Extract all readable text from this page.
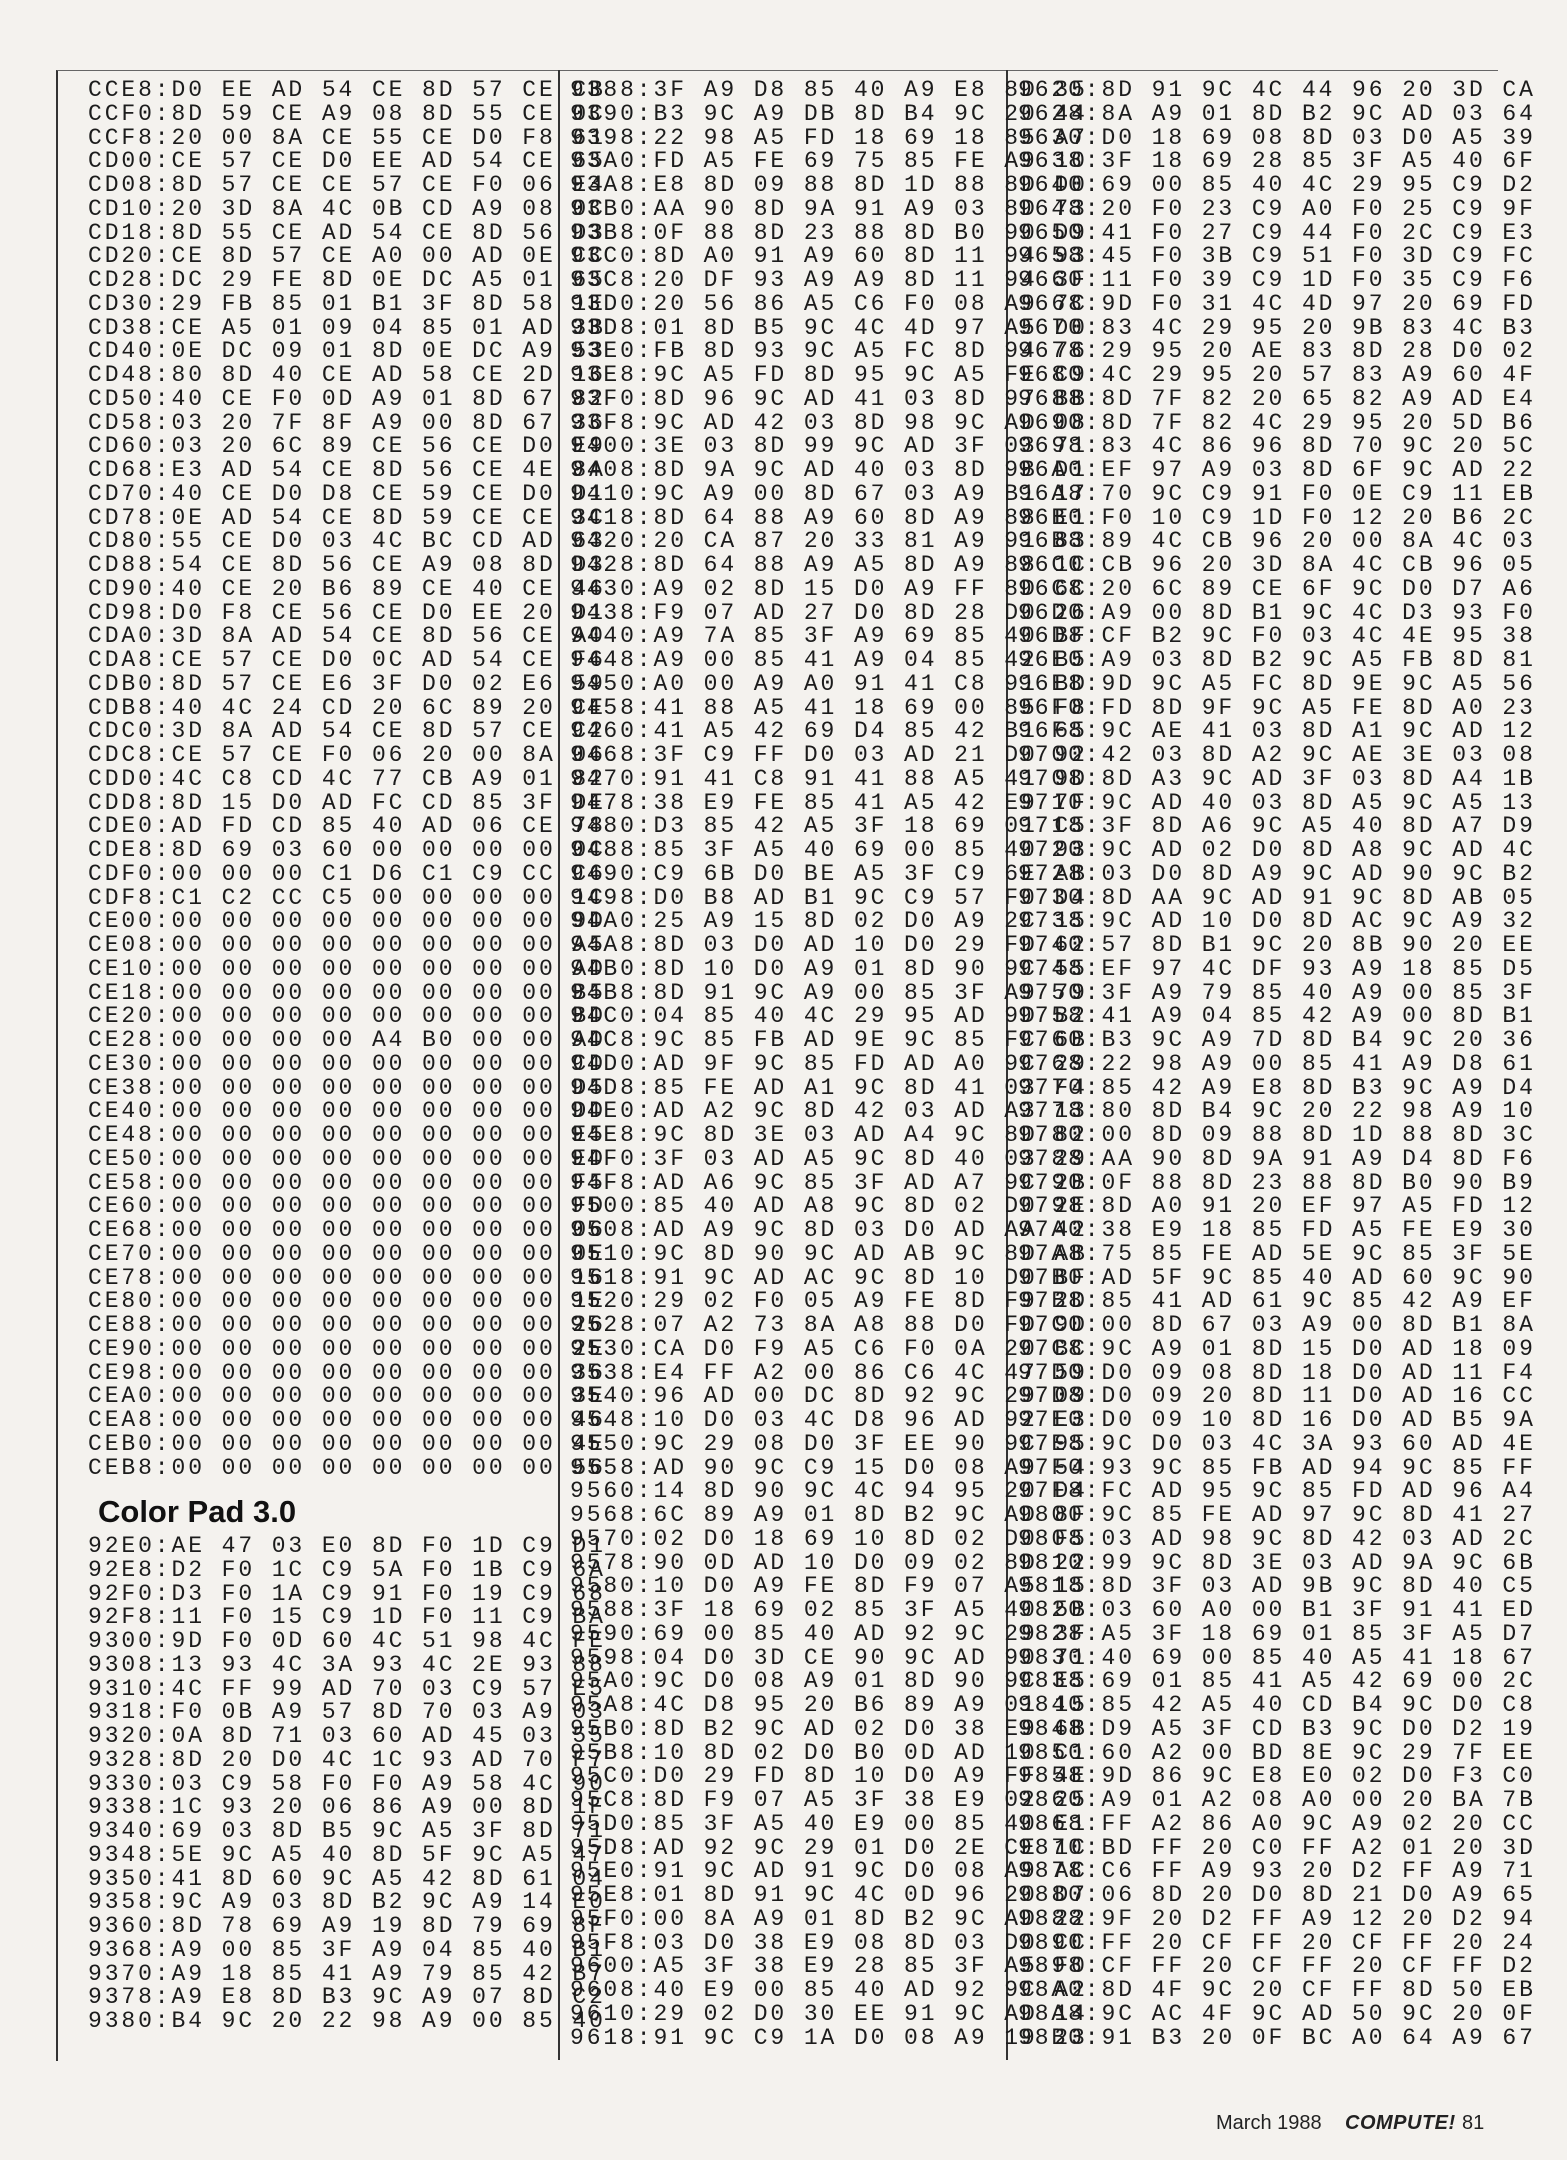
CCE8:D0 EE AD 54 CE 8D 57 CE CB
CCF0:8D 59 CE A9 08 8D 55 CE 0C
CCF8:20 00 8A CE 55 CE D0 F8 61
CD00:CE 57 CE D0 EE AD 54 CE 65
CD08:8D 57 CE CE 57 CE F0 06 E4
CD10:20 3D 8A 4C 0B CD A9 08 0C
CD18:8D 55 CE AD 54 CE 8D 56 D3
CD20:CE 8D 57 CE A0 00 AD 0E CC
CD28:DC 29 FE 8D 0E DC A5 01 65
CD30:29 FB 85 01 B1 3F 8D 58 1E
CD38:CE A5 01 09 04 85 01 AD 3B
CD40:0E DC 09 01 8D 0E DC A9 53
CD48:80 8D 40 CE AD 58 CE 2D 16
CD50:40 CE F0 0D A9 01 8D 67 82
CD58:03 20 7F 8F A9 00 8D 67 36
CD60:03 20 6C 89 CE 56 CE D0 E9
CD68:E3 AD 54 CE 8D 56 CE 4E 8A
CD70:40 CE D0 D8 CE 59 CE D0 D1
CD78:0E AD 54 CE 8D 59 CE CE 3C
CD80:55 CE D0 03 4C BC CD AD 63
CD88:54 CE 8D 56 CE A9 08 8D D3
CD90:40 CE 20 B6 89 CE 40 CE 46
CD98:D0 F8 CE 56 CE D0 EE 20 D1
CDA0:3D 8A AD 54 CE 8D 56 CE A0
CDA8:CE 57 CE D0 0C AD 54 CE F6
CDB0:8D 57 CE E6 3F D0 02 E6 59
CDB8:40 4C 24 CD 20 6C 89 20 CE
CDC0:3D 8A AD 54 CE 8D 57 CE C2
CDC8:CE 57 CE F0 06 20 00 8A 06
CDD0:4C C8 CD 4C 77 CB A9 01 82
CDD8:8D 15 D0 AD FC CD 85 3F DE
CDE0:AD FD CD 85 40 AD 06 CE 78
CDE8:8D 69 03 60 00 00 00 00 0C
CDF0:00 00 00 C1 D6 C1 C9 CC C6
CDF8:C1 C2 CC C5 00 00 00 00 1C
CE00:00 00 00 00 00 00 00 00 9D
CE08:00 00 00 00 00 00 00 00 A5
CE10:00 00 00 00 00 00 00 00 AD
CE18:00 00 00 00 00 00 00 00 B5
CE20:00 00 00 00 00 00 00 00 BD
CE28:00 00 00 00 A4 B0 00 00 AD
CE30:00 00 00 00 00 00 00 00 CD
CE38:00 00 00 00 00 00 00 00 D5
CE40:00 00 00 00 00 00 00 00 DD
CE48:00 00 00 00 00 00 00 00 E5
CE50:00 00 00 00 00 00 00 00 ED
CE58:00 00 00 00 00 00 00 00 F5
CE60:00 00 00 00 00 00 00 00 FD
CE68:00 00 00 00 00 00 00 00 06
CE70:00 00 00 00 00 00 00 00 0E
CE78:00 00 00 00 00 00 00 00 16
CE80:00 00 00 00 00 00 00 00 1E
CE88:00 00 00 00 00 00 00 00 26
CE90:00 00 00 00 00 00 00 00 2E
CE98:00 00 00 00 00 00 00 00 36
CEA0:00 00 00 00 00 00 00 00 3E
CEA8:00 00 00 00 00 00 00 00 46
CEB0:00 00 00 00 00 00 00 00 4E
CEB8:00 00 00 00 00 00 00 00 56
Color Pad 3.0
92E0:AE 47 03 E0 8D F0 1D C9 D1
92E8:D2 F0 1C C9 5A F0 1B C9 6A
92F0:D3 F0 1A C9 91 F0 19 C9 68
92F8:11 F0 15 C9 1D F0 11 C9 BA
9300:9D F0 0D 60 4C 51 98 4C FE
9308:13 93 4C 3A 93 4C 2E 93 88
9310:4C FF 99 AD 70 03 C9 57 E5
9318:F0 0B A9 57 8D 70 03 A9 03
9320:0A 8D 71 03 60 AD 45 03 55
9328:8D 20 D0 4C 1C 93 AD 70 F7
9330:03 C9 58 F0 F0 A9 58 4C 90
9338:1C 93 20 06 86 A9 00 8D 1F
9340:69 03 8D B5 9C A5 3F 8D 71
9348:5E 9C A5 40 8D 5F 9C A5 47
9350:41 8D 60 9C A5 42 8D 61 04
9358:9C A9 03 8D B2 9C A9 14 E0
9360:8D 78 69 A9 19 8D 79 69 8F
9368:A9 00 85 3F A9 04 85 40 B1
9370:A9 18 85 41 A9 79 85 42 B7
9378:A9 E8 8D B3 9C A9 07 8D C2
9380:B4 9C 20 22 98 A9 00 85 40
9388:3F A9 D8 85 40 A9 E8 8D 35
9390:B3 9C A9 DB 8D B4 9C 20 44
9398:22 98 A5 FD 18 69 18 85 A7
93A0:FD A5 FE 69 75 85 FE A9 10
93A8:E8 8D 09 88 8D 1D 88 8D D0
93B0:AA 90 8D 9A 91 A9 03 8D 73
93B8:0F 88 8D 23 88 8D B0 90 D9
93C0:8D A0 91 A9 60 8D 11 94 93
93C8:20 DF 93 A9 A9 8D 11 94 3F
93D0:20 56 86 A5 C6 F0 08 A9 7C
93D8:01 8D B5 9C 4C 4D 97 A5 D0
93E0:FB 8D 93 9C A5 FC 8D 94 76
93E8:9C A5 FD 8D 95 9C A5 FE C9
93F0:8D 96 9C AD 41 03 8D 97 BB
93F8:9C AD 42 03 8D 98 9C AD 08
9400:3E 03 8D 99 9C AD 3F 03 71
9408:8D 9A 9C AD 40 03 8D 9B D1
9410:9C A9 00 8D 67 03 A9 B1 17
9418:8D 64 88 A9 60 8D A9 88 E1
9420:20 CA 87 20 33 81 A9 91 83
9428:8D 64 88 A9 A5 8D A9 88 1C
9430:A9 02 8D 15 D0 A9 FF 8D 6C
9438:F9 07 AD 27 D0 8D 28 D0 26
9440:A9 7A 85 3F A9 69 85 40 BF
9448:A9 00 85 41 A9 04 85 42 B5
9450:A0 00 A9 A0 91 41 C8 91 BD
9458:41 88 A5 41 18 69 00 85 F8
9460:41 A5 42 69 D4 85 42 B1 65
9468:3F C9 FF D0 03 AD 21 D0 92
9470:91 41 C8 91 41 88 A5 41 9D
9478:38 E9 FE 85 41 A5 42 E9 7F
9480:D3 85 42 A5 3F 18 69 01 C5
9488:85 3F A5 40 69 00 85 40 93
9490:C9 6B D0 BE A5 3F C9 6E AB
9498:D0 B8 AD B1 9C C9 57 F0 D4
94A0:25 A9 15 8D 02 D0 A9 2C 15
94A8:8D 03 D0 AD 10 D0 29 FD 62
94B0:8D 10 D0 A9 01 8D 90 9C 55
94B8:8D 91 9C A9 00 85 3F A9 79
94C0:04 85 40 4C 29 95 AD 9D B2
94C8:9C 85 FB AD 9E 9C 85 FC 6B
94D0:AD 9F 9C 85 FD AD A0 9C 29
94D8:85 FE AD A1 9C 8D 41 03 F4
94E0:AD A2 9C 8D 42 03 AD A3 13
94E8:9C 8D 3E 03 AD A4 9C 8D 82
94F0:3F 03 AD A5 9C 8D 40 03 29
94F8:AD A6 9C 85 3F AD A7 9C 2B
9500:85 40 AD A8 9C 8D 02 D0 2E
9508:AD A9 9C 8D 03 D0 AD AA 42
9510:9C 8D 90 9C AD AB 9C 8D AB
9518:91 9C AD AC 9C 8D 10 D0 BF
9520:29 02 F0 05 A9 FE 8D F9 2D
9528:07 A2 73 8A A8 88 D0 FD 9D
9530:CA D0 F9 A5 C6 F0 0A 20 BC
9538:E4 FF A2 00 86 C6 4C 47 59
9540:96 AD 00 DC 8D 92 9C 29 09
9548:10 D0 03 4C D8 96 AD 92 E3
9550:9C 29 08 D0 3F EE 90 9C 95
9558:AD 90 9C C9 15 D0 08 A9 54
9560:14 8D 90 9C 4C 94 95 20 D4
9568:6C 89 A9 01 8D B2 9C AD 8F
9570:02 D0 18 69 10 8D 02 D0 F5
9578:90 0D AD 10 D0 09 02 8D 22
9580:10 D0 A9 FE 8D F9 07 A5 15
9588:3F 18 69 02 85 3F A5 40 5B
9590:69 00 85 40 AD 92 9C 29 3F
9598:04 D0 3D CE 90 9C AD 90 71
95A0:9C D0 08 A9 01 8D 90 9C E5
95A8:4C D8 95 20 B6 89 A9 01 15
95B0:8D B2 9C AD 02 D0 38 E9 6B
95B8:10 8D 02 D0 B0 0D AD 10 C1
95C0:D0 29 FD 8D 10 D0 A9 FF 4E
95C8:8D F9 07 A5 3F 38 E9 02 25
95D0:85 3F A5 40 E9 00 85 40 E1
95D8:AD 92 9C 29 01 D0 2E CE 1C
95E0:91 9C AD 91 9C D0 08 A9 AC
95E8:01 8D 91 9C 4C 0D 96 20 D7
95F0:00 8A A9 01 8D B2 9C AD 22
95F8:03 D0 38 E9 08 8D 03 D0 CC
9600:A5 3F 38 E9 28 85 3F A5 F0
9608:40 E9 00 85 40 AD 92 9C A2
9610:29 02 D0 30 EE 91 9C AD 14
9618:91 9C C9 1A D0 08 A9 19 23
9620:8D 91 9C 4C 44 96 20 3D CA
9628:8A A9 01 8D B2 9C AD 03 64
9630:D0 18 69 08 8D 03 D0 A5 39
9638:3F 18 69 28 85 3F A5 40 6F
9640:69 00 85 40 4C 29 95 C9 D2
9648:20 F0 23 C9 A0 F0 25 C9 9F
9650:41 F0 27 C9 44 F0 2C C9 E3
9658:45 F0 3B C9 51 F0 3D C9 FC
9660:11 F0 39 C9 1D F0 35 C9 F6
9668:9D F0 31 4C 4D 97 20 69 FD
9670:83 4C 29 95 20 9B 83 4C B3
9678:29 95 20 AE 83 8D 28 D0 02
9680:4C 29 95 20 57 83 A9 60 4F
9688:8D 7F 82 20 65 82 A9 AD E4
9690:8D 7F 82 4C 29 95 20 5D B6
9698:83 4C 86 96 8D 70 9C 20 5C
96A0:EF 97 A9 03 8D 6F 9C AD 22
96A8:70 9C C9 91 F0 0E C9 11 EB
96B0:F0 10 C9 1D F0 12 20 B6 2C
96B8:89 4C CB 96 20 00 8A 4C 03
96C0:CB 96 20 3D 8A 4C CB 96 05
96C8:20 6C 89 CE 6F 9C D0 D7 A6
96D0:A9 00 8D B1 9C 4C D3 93 F0
96D8:CF B2 9C F0 03 4C 4E 95 38
96E0:A9 03 8D B2 9C A5 FB 8D 81
96E8:9D 9C A5 FC 8D 9E 9C A5 56
96F0:FD 8D 9F 9C A5 FE 8D A0 23
96F8:9C AE 41 03 8D A1 9C AD 12
9700:42 03 8D A2 9C AE 3E 03 08
9708:8D A3 9C AD 3F 03 8D A4 1B
9710:9C AD 40 03 8D A5 9C A5 13
9718:3F 8D A6 9C A5 40 8D A7 D9
9720:9C AD 02 D0 8D A8 9C AD 4C
9728:03 D0 8D A9 9C AD 90 9C B2
9730:8D AA 9C AD 91 9C 8D AB 05
9738:9C AD 10 D0 8D AC 9C A9 32
9740:57 8D B1 9C 20 8B 90 20 EE
9748:EF 97 4C DF 93 A9 18 85 D5
9750:3F A9 79 85 40 A9 00 85 3F
9758:41 A9 04 85 42 A9 00 8D B1
9760:B3 9C A9 7D 8D B4 9C 20 36
9768:22 98 A9 00 85 41 A9 D8 61
9770:85 42 A9 E8 8D B3 9C A9 D4
9778:80 8D B4 9C 20 22 98 A9 10
9780:00 8D 09 88 8D 1D 88 8D 3C
9788:AA 90 8D 9A 91 A9 D4 8D F6
9790:0F 88 8D 23 88 8D B0 90 B9
9798:8D A0 91 20 EF 97 A5 FD 12
97A0:38 E9 18 85 FD A5 FE E9 30
97A8:75 85 FE AD 5E 9C 85 3F 5E
97B0:AD 5F 9C 85 40 AD 60 9C 90
97B8:85 41 AD 61 9C 85 42 A9 EF
97C0:00 8D 67 03 A9 00 8D B1 8A
97C8:9C A9 01 8D 15 D0 AD 18 09
97D0:D0 09 08 8D 18 D0 AD 11 F4
97D8:D0 09 20 8D 11 D0 AD 16 CC
97E0:D0 09 10 8D 16 D0 AD B5 9A
97E8:9C D0 03 4C 3A 93 60 AD 4E
97F0:93 9C 85 FB AD 94 9C 85 FF
97F8:FC AD 95 9C 85 FD AD 96 A4
9800:9C 85 FE AD 97 9C 8D 41 27
9808:03 AD 98 9C 8D 42 03 AD 2C
9810:99 9C 8D 3E 03 AD 9A 9C 6B
9818:8D 3F 03 AD 9B 9C 8D 40 C5
9820:03 60 A0 00 B1 3F 91 41 ED
9828:A5 3F 18 69 01 85 3F A5 D7
9830:40 69 00 85 40 A5 41 18 67
9838:69 01 85 41 A5 42 69 00 2C
9840:85 42 A5 40 CD B4 9C D0 C8
9848:D9 A5 3F CD B3 9C D0 D2 19
9850:60 A2 00 BD 8E 9C 29 7F EE
9858:9D 86 9C E8 E0 02 D0 F3 C0
9860:A9 01 A2 08 A0 00 20 BA 7B
9868:FF A2 86 A0 9C A9 02 20 CC
9870:BD FF 20 C0 FF A2 01 20 3D
9878:C6 FF A9 93 20 D2 FF A9 71
9880:06 8D 20 D0 8D 21 D0 A9 65
9888:9F 20 D2 FF A9 12 20 D2 94
9890:FF 20 CF FF 20 CF FF 20 24
9898:CF FF 20 CF FF 20 CF FF D2
98A0:8D 4F 9C 20 CF FF 8D 50 EB
98A8:9C AC 4F 9C AD 50 9C 20 0F
98B0:91 B3 20 0F BC A0 64 A9 67
March 1988 COMPUTE! 81
